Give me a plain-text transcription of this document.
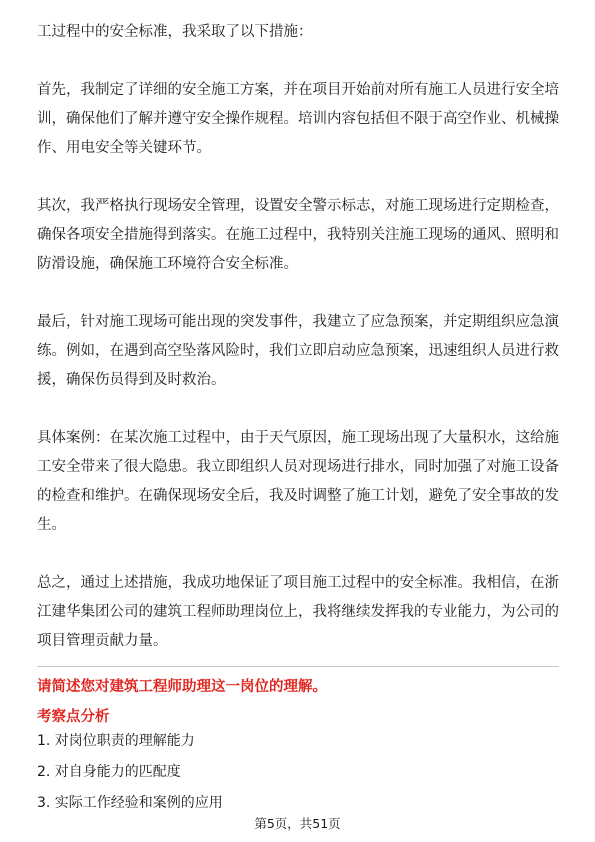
工过程中的安全标准，我采取了以下措施：

首先，我制定了详细的安全施工方案，并在项目开始前对所有施工人员进行安全培训，确保他们了解并遵守安全操作规程。培训内容包括但不限于高空作业、机械操作、用电安全等关键环节。

其次，我严格执行现场安全管理，设置安全警示标志，对施工现场进行定期检查，确保各项安全措施得到落实。在施工过程中，我特别关注施工现场的通风、照明和防滑设施，确保施工环境符合安全标准。

最后，针对施工现场可能出现的突发事件，我建立了应急预案，并定期组织应急演练。例如，在遇到高空坠落风险时，我们立即启动应急预案，迅速组织人员进行救援，确保伤员得到及时救治。

具体案例：在某次施工过程中，由于天气原因，施工现场出现了大量积水，这给施工安全带来了很大隐患。我立即组织人员对现场进行排水，同时加强了对施工设备的检查和维护。在确保现场安全后，我及时调整了施工计划，避免了安全事故的发生。

总之，通过上述措施，我成功地保证了项目施工过程中的安全标准。我相信，在浙江建华集团公司的建筑工程师助理岗位上，我将继续发挥我的专业能力，为公司的项目管理贡献力量。

请简述您对建筑工程师助理这一岗位的理解。

考察点分析

1. 对岗位职责的理解能力
2. 对自身能力的匹配度
3. 实际工作经验和案例的应用
第5页，共51页
